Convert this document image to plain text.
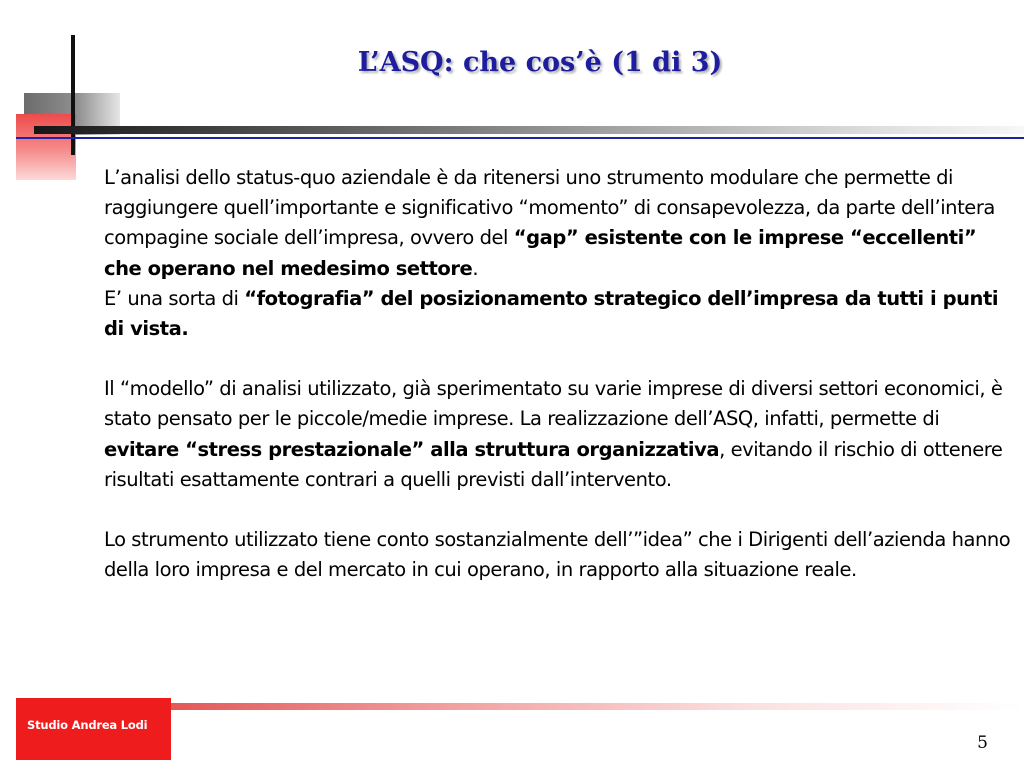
L’ASQ: che cos’è (1 di 3)

L’analisi dello status-quo aziendale è da ritenersi uno strumento modulare che permette di raggiungere quell’importante e significativo “momento” di consapevolezza, da parte dell’intera compagine sociale dell’impresa, ovvero del “gap” esistente con le imprese “eccellenti” che operano nel medesimo settore.
E’ una sorta di “fotografia” del posizionamento strategico dell’impresa da tutti i punti di vista.

Il “modello” di analisi utilizzato, già sperimentato su varie imprese di diversi settori economici, è stato pensato per le piccole/medie imprese. La realizzazione dell’ASQ, infatti, permette di evitare “stress prestazionale” alla struttura organizzativa, evitando il rischio di ottenere risultati esattamente contrari a quelli previsti dall’intervento.

Lo strumento utilizzato tiene conto sostanzialmente dell’”idea” che i Dirigenti dell’azienda hanno della loro impresa e del mercato in cui operano, in rapporto alla situazione reale.

Studio Andrea Lodi
5
